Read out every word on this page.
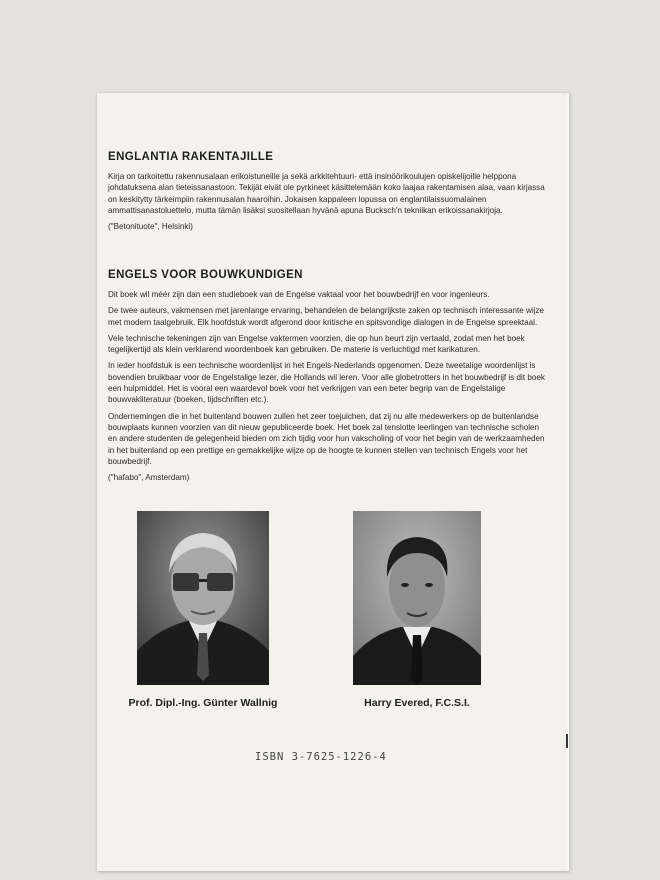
ENGLANTIA RAKENTAJILLE

Kirja on tarkoitettu rakennusalaan erikoistuneille ja sekä arkkitehtuuri- että insinöörikoulujen opiskelijoille helppona johdatuksena alan tieteissanastoon. Tekijät eivät ole pyrkineet käsittelemään koko laajaa rakentamisen alaa, vaan kirjassa on keskitytty tärkeimpiin rakennusalan haaroihin. Jokaisen kappaleen lopussa on englantilaissuomalainen ammattisanastoluettelo, mutta tämän lisäksi suositellaan hyvänä apuna Bucksch'n tekniikan erikoissanakirjoja.

("Betonituote", Helsinki)
ENGELS VOOR BOUWKUNDIGEN

Dit boek wil méér zijn dan een studieboek van de Engelse vaktaal voor het bouwbedrijf en voor ingenieurs.

De twee auteurs, vakmensen met jarenlange ervaring, behandelen de belangrijkste zaken op technisch interessante wijze met modern taalgebruik. Elk hoofdstuk wordt afgerond door kritische en spitsvondige dialogen in de Engelse spreektaal.

Vele technische tekeningen zijn van Engelse vaktermen voorzien, die op hun beurt zijn vertaald, zodat men het boek tegelijkertijd als klein verklarend woordenboek kan gebruiken. De materie is verluchtigd met karikaturen.

In ieder hoofdstuk is een technische woordenlijst in het Engels-Nederlands opgenomen. Deze tweetalige woordenlijst is bovendien bruikbaar voor de Engelstalige lezer, die Hollands wil leren. Voor alle globetrotters in het bouwbedrijf is dit boek een hulpmiddel. Het is vooral een waardevol boek voor het verkrijgen van een beter begrip van de Engelstalige bouwvakliteratuur (boeken, tijdschriften etc.).

Ondernemingen die in het buitenland bouwen zullen het zeer toejuichen, dat zij nu alle medewerkers op de buitenlandse bouwplaats kunnen voorzien van dit nieuw gepubliceerde boek. Het boek zal tenslotte leerlingen van technische scholen en andere studenten de gelegenheid bieden om zich tijdig voor hun vakscholing of voor het begin van de werkzaamheden in het buitenland op een prettige en gemakkelijke wijze op de hoogte te kunnen stellen van technisch Engels voor het bouwbedrijf.

("hafabo", Amsterdam)
Prof. Dipl.-Ing. Günter Wallnig	Harry Evered, F.C.S.I.
ISBN 3-7625-1226-4
